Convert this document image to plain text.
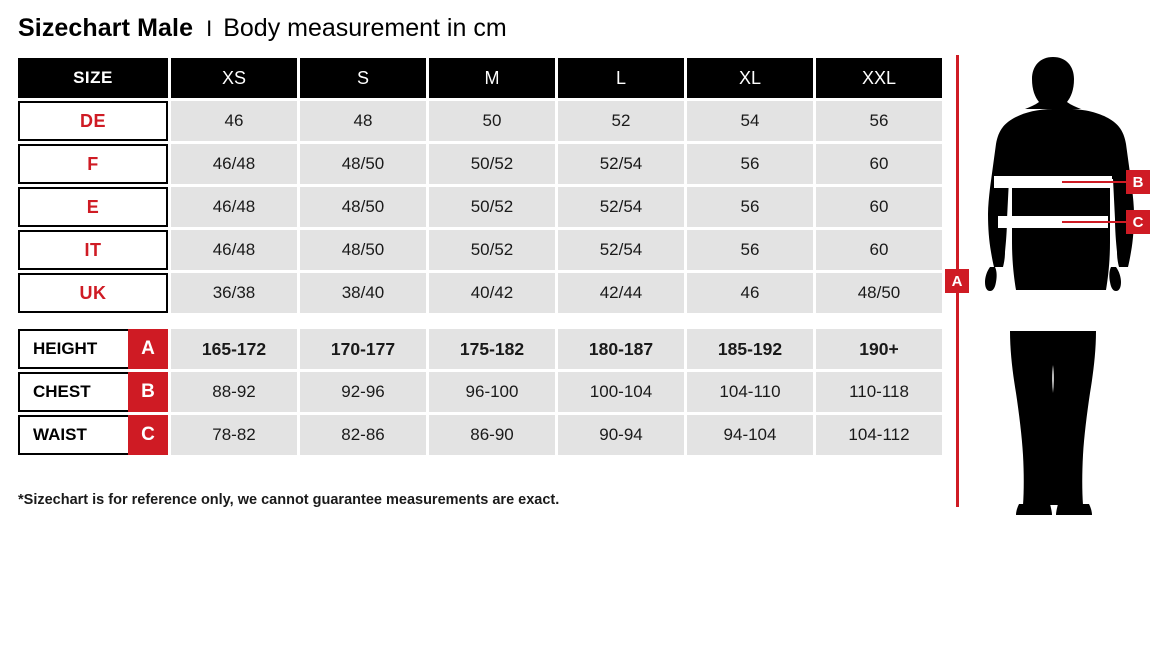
Sizechart Male I Body measurement in cm
SIZE	XS	S	M	L	XL	XXL
DE	46	48	50	52	54	56
F	46/48	48/50	50/52	52/54	56	60
E	46/48	48/50	50/52	52/54	56	60
IT	46/48	48/50	50/52	52/54	56	60
UK	36/38	38/40	40/42	42/44	46	48/50
HEIGHT	A	165-172	170-177	175-182	180-187	185-192	190+
CHEST	B	88-92	92-96	96-100	100-104	104-110	110-118
WAIST	C	78-82	82-86	86-90	90-94	94-104	104-112
*Sizechart is for reference only, we cannot guarantee measurements are exact.
A
B
C
